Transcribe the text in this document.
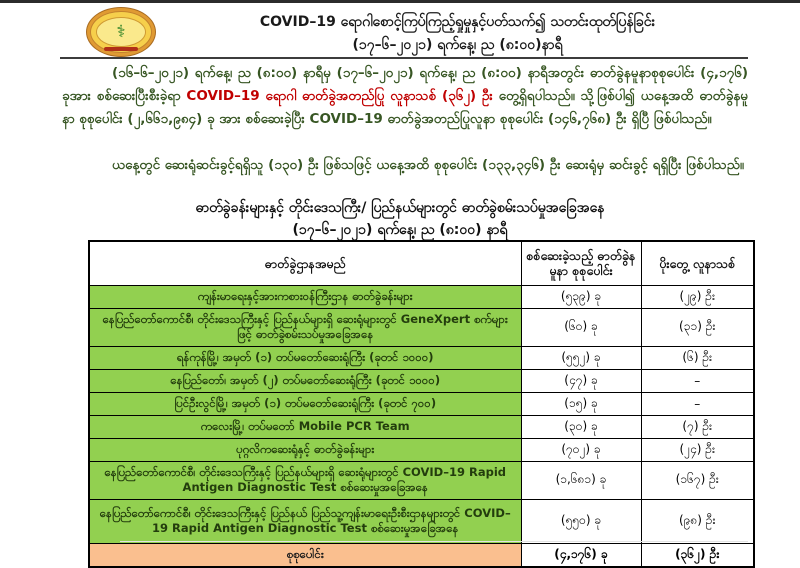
⚕	COVID–19 ရောဂါစောင့်ကြပ်ကြည့်ရှုမှုနှင့်ပတ်သက်၍ သတင်းထုတ်ပြန်ခြင်း
(၁၇–၆–၂၀၂၁) ရက်နေ့၊ ည (၈:၀၀)နာရီ
(၁၆–၆–၂၀၂၁) ရက်နေ့၊ ည (၈:၀၀) နာရီမှ (၁၇–၆–၂၀၂၁) ရက်နေ့၊ ည (၈:၀၀) နာရီအတွင်း ဓာတ်ခွဲနမူနာစုစုပေါင်း (၄,၁၇၆) ခုအား စစ်ဆေးပြီးစီးခဲ့ရာ COVID–19 ရောဂါ ဓာတ်ခွဲအတည်ပြု လူနာသစ် (၃၆၂) ဦး တွေ့ရှိရပါသည်။ သို့ဖြစ်ပါ၍ ယနေ့အထိ ဓာတ်ခွဲနမူနာ စုစုပေါင်း (၂,၆၆၁,၉၈၄) ခု အား စစ်ဆေးခဲ့ပြီး COVID–19 ဓာတ်ခွဲအတည်ပြုလူနာ စုစုပေါင်း (၁၄၆,၇၆၈) ဦး ရှိပြီ ဖြစ်ပါသည်။
ယနေ့တွင် ဆေးရုံဆင်းခွင့်ရရှိသူ (၁၃၀) ဦး ဖြစ်သဖြင့် ယနေ့အထိ စုစုပေါင်း (၁၃၃,၃၄၆) ဦး ဆေးရုံမှ ဆင်းခွင့် ရရှိပြီး ဖြစ်ပါသည်။
ဓာတ်ခွဲခန်းများနှင့် တိုင်းဒေသကြီး/ ပြည်နယ်များတွင် ဓာတ်ခွဲစမ်းသပ်မှုအခြေအနေ
(၁၇–၆–၂၀၂၁) ရက်နေ့၊ ည (၈:၀၀) နာရီ
ဓာတ်ခွဲဌာနအမည်	စစ်ဆေးခဲ့သည့် ဓာတ်ခွဲနမူနာ စုစုပေါင်း	ပိုးတွေ့ လူနာသစ်
ကျန်းမာရေးနှင့်အားကစားဝန်ကြီးဌာန ဓာတ်ခွဲခန်းများ	(၅၃၉) ခု	(၂၉) ဦး
နေပြည်တော်ကောင်စီ၊ တိုင်းဒေသကြီးနှင့် ပြည်နယ်များရှိ ဆေးရုံများတွင် GeneXpert စက်များဖြင့် ဓာတ်ခွဲစမ်းသပ်မှုအခြေအနေ	(၆၀) ခု	(၃၁) ဦး
ရန်ကုန်မြို့၊ အမှတ် (၁) တပ်မတော်ဆေးရုံကြီး (ခုတင် ၁၀၀၀)	(၅၅၂) ခု	(၆) ဦး
နေပြည်တော်၊ အမှတ် (၂) တပ်မတော်ဆေးရုံကြီး (ခုတင် ၁၀၀၀)	(၄၇) ခု	–
ပြင်ဦးလွင်မြို့၊ အမှတ် (၁) တပ်မတော်ဆေးရုံကြီး (ခုတင် ၇၀၀)	(၁၅) ခု	–
ကလေးမြို့၊ တပ်မတော် Mobile PCR Team	(၃၀) ခု	(၇) ဦး
ပုဂ္ဂလိကဆေးရုံနှင့် ဓာတ်ခွဲခန်းများ	(၇၀၂) ခု	(၂၄) ဦး
နေပြည်တော်ကောင်စီ၊ တိုင်းဒေသကြီးနှင့် ပြည်နယ်များရှိ ဆေးရုံများတွင် COVID–19 Rapid Antigen Diagnostic Test စစ်ဆေးမှုအခြေအနေ	(၁,၆၈၁) ခု	(၁၆၇) ဦး
နေပြည်တော်ကောင်စီ၊ တိုင်းဒေသကြီးနှင့် ပြည်နယ် ပြည်သူ့ကျန်းမာရေးဦးစီးဌာနများတွင် COVID–19 Rapid Antigen Diagnostic Test စစ်ဆေးမှုအခြေအနေ	(၅၅၀) ခု	(၉၈) ဦး
စုစုပေါင်း	(၄,၁၇၆) ခု	(၃၆၂) ဦး
